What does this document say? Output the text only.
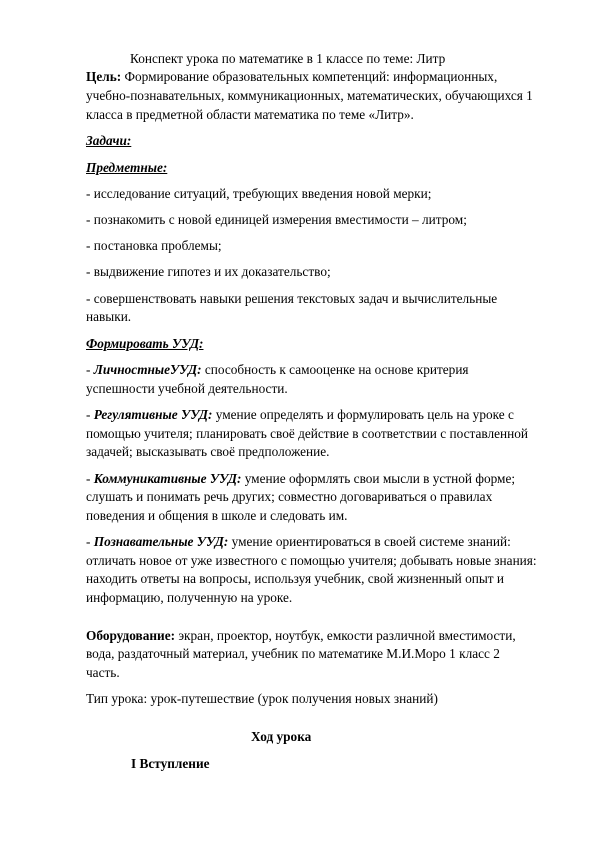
Конспект урока по математике в 1 классе по теме: Литр
Цель: Формирование образовательных компетенций: информационных,
учебно-познавательных, коммуникационных, математических, обучающихся 1
класса в предметной области математика по теме «Литр».
Задачи:
Предметные:
- исследование ситуаций, требующих введения новой мерки;
- познакомить с новой единицей измерения вместимости – литром;
- постановка проблемы;
- выдвижение гипотез и их доказательство;
- совершенствовать навыки решения текстовых задач и вычислительные
навыки.
Формировать УУД:
- ЛичностныеУУД: способность к самооценке на основе критерия
успешности учебной деятельности.
- Регулятивные УУД: умение определять и формулировать цель на уроке с
помощью учителя; планировать своё действие в соответствии с поставленной
задачей; высказывать своё предположение.
- Коммуникативные УУД: умение оформлять свои мысли в устной форме;
слушать и понимать речь других; совместно договариваться о правилах
поведения и общения в школе и следовать им.
- Познавательные УУД: умение ориентироваться в своей системе знаний:
отличать новое от уже известного с помощью учителя; добывать новые знания:
находить ответы на вопросы, используя учебник, свой жизненный опыт и
информацию, полученную на уроке.
Оборудование: экран, проектор, ноутбук, емкости различной вместимости,
вода, раздаточный материал, учебник по математике М.И.Моро 1 класс 2
часть.
Тип урока: урок-путешествие (урок получения новых знаний)
Ход урока
I Вступление
